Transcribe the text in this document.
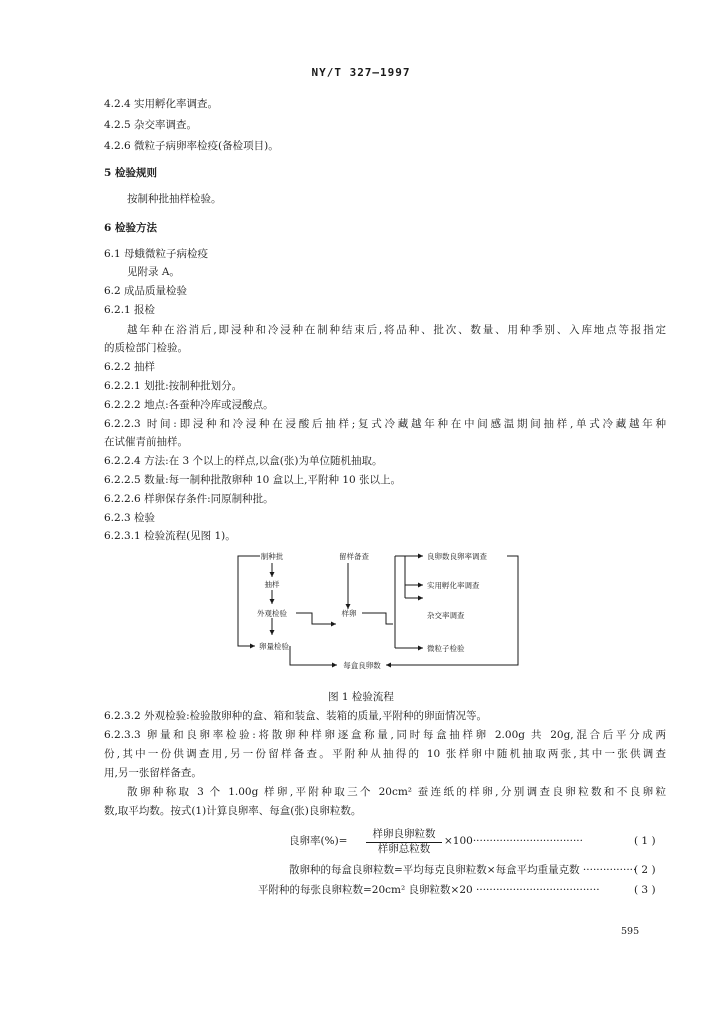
NY/T 327—1997
4.2.4 实用孵化率调查。
4.2.5 杂交率调查。
4.2.6 微粒子病卵率检疫(备检项目)。
5 检验规则
按制种批抽样检验。
6 检验方法
6.1 母蛾微粒子病检疫
见附录 A。
6.2 成品质量检验
6.2.1 报检
越年种在浴消后,即浸种和冷浸种在制种结束后,将品种、批次、数量、用种季别、入库地点等报指定
的质检部门检验。
6.2.2 抽样
6.2.2.1 划批:按制种批划分。
6.2.2.2 地点:各蚕种冷库或浸酸点。
6.2.2.3 时间:即浸种和冷浸种在浸酸后抽样;复式冷藏越年种在中间感温期间抽样,单式冷藏越年种
在试催青前抽样。
6.2.2.4 方法:在 3 个以上的样点,以盒(张)为单位随机抽取。
6.2.2.5 数量:每一制种批散卵种 10 盒以上,平附种 10 张以上。
6.2.2.6 样卵保存条件:同原制种批。
6.2.3 检验
6.2.3.1 检验流程(见图 1)。
制种批
抽样
外观检验
卵量检验
留样备查
样卵
良卵数良卵率调查
实用孵化率调查
杂交率调查
微粒子检验
每盒良卵数
图 1 检验流程
6.2.3.2 外观检验:检验散卵种的盒、箱和装盒、装箱的质量,平附种的卵面情况等。
6.2.3.3 卵量和良卵率检验:将散卵种样卵逐盒称量,同时每盒抽样卵 2.00g 共 20g,混合后平分成两
份,其中一份供调查用,另一份留样备查。平附种从抽得的 10 张样卵中随机抽取两张,其中一张供调查
用,另一张留样备查。
散卵种称取 3 个 1.00g 样卵,平附种取三个 20cm² 蚕连纸的样卵,分别调查良卵粒数和不良卵粒
数,取平均数。按式(1)计算良卵率、每盒(张)良卵粒数。
良卵率(%)=
样卵良卵粒数
样卵总粒数
×100·································	( 1 )
散卵种的每盒良卵粒数=平均每克良卵粒数×每盒平均重量克数 ················
( 2 )
平附种的每张良卵粒数=20cm² 良卵粒数×20 ·····································	( 3 )
595
